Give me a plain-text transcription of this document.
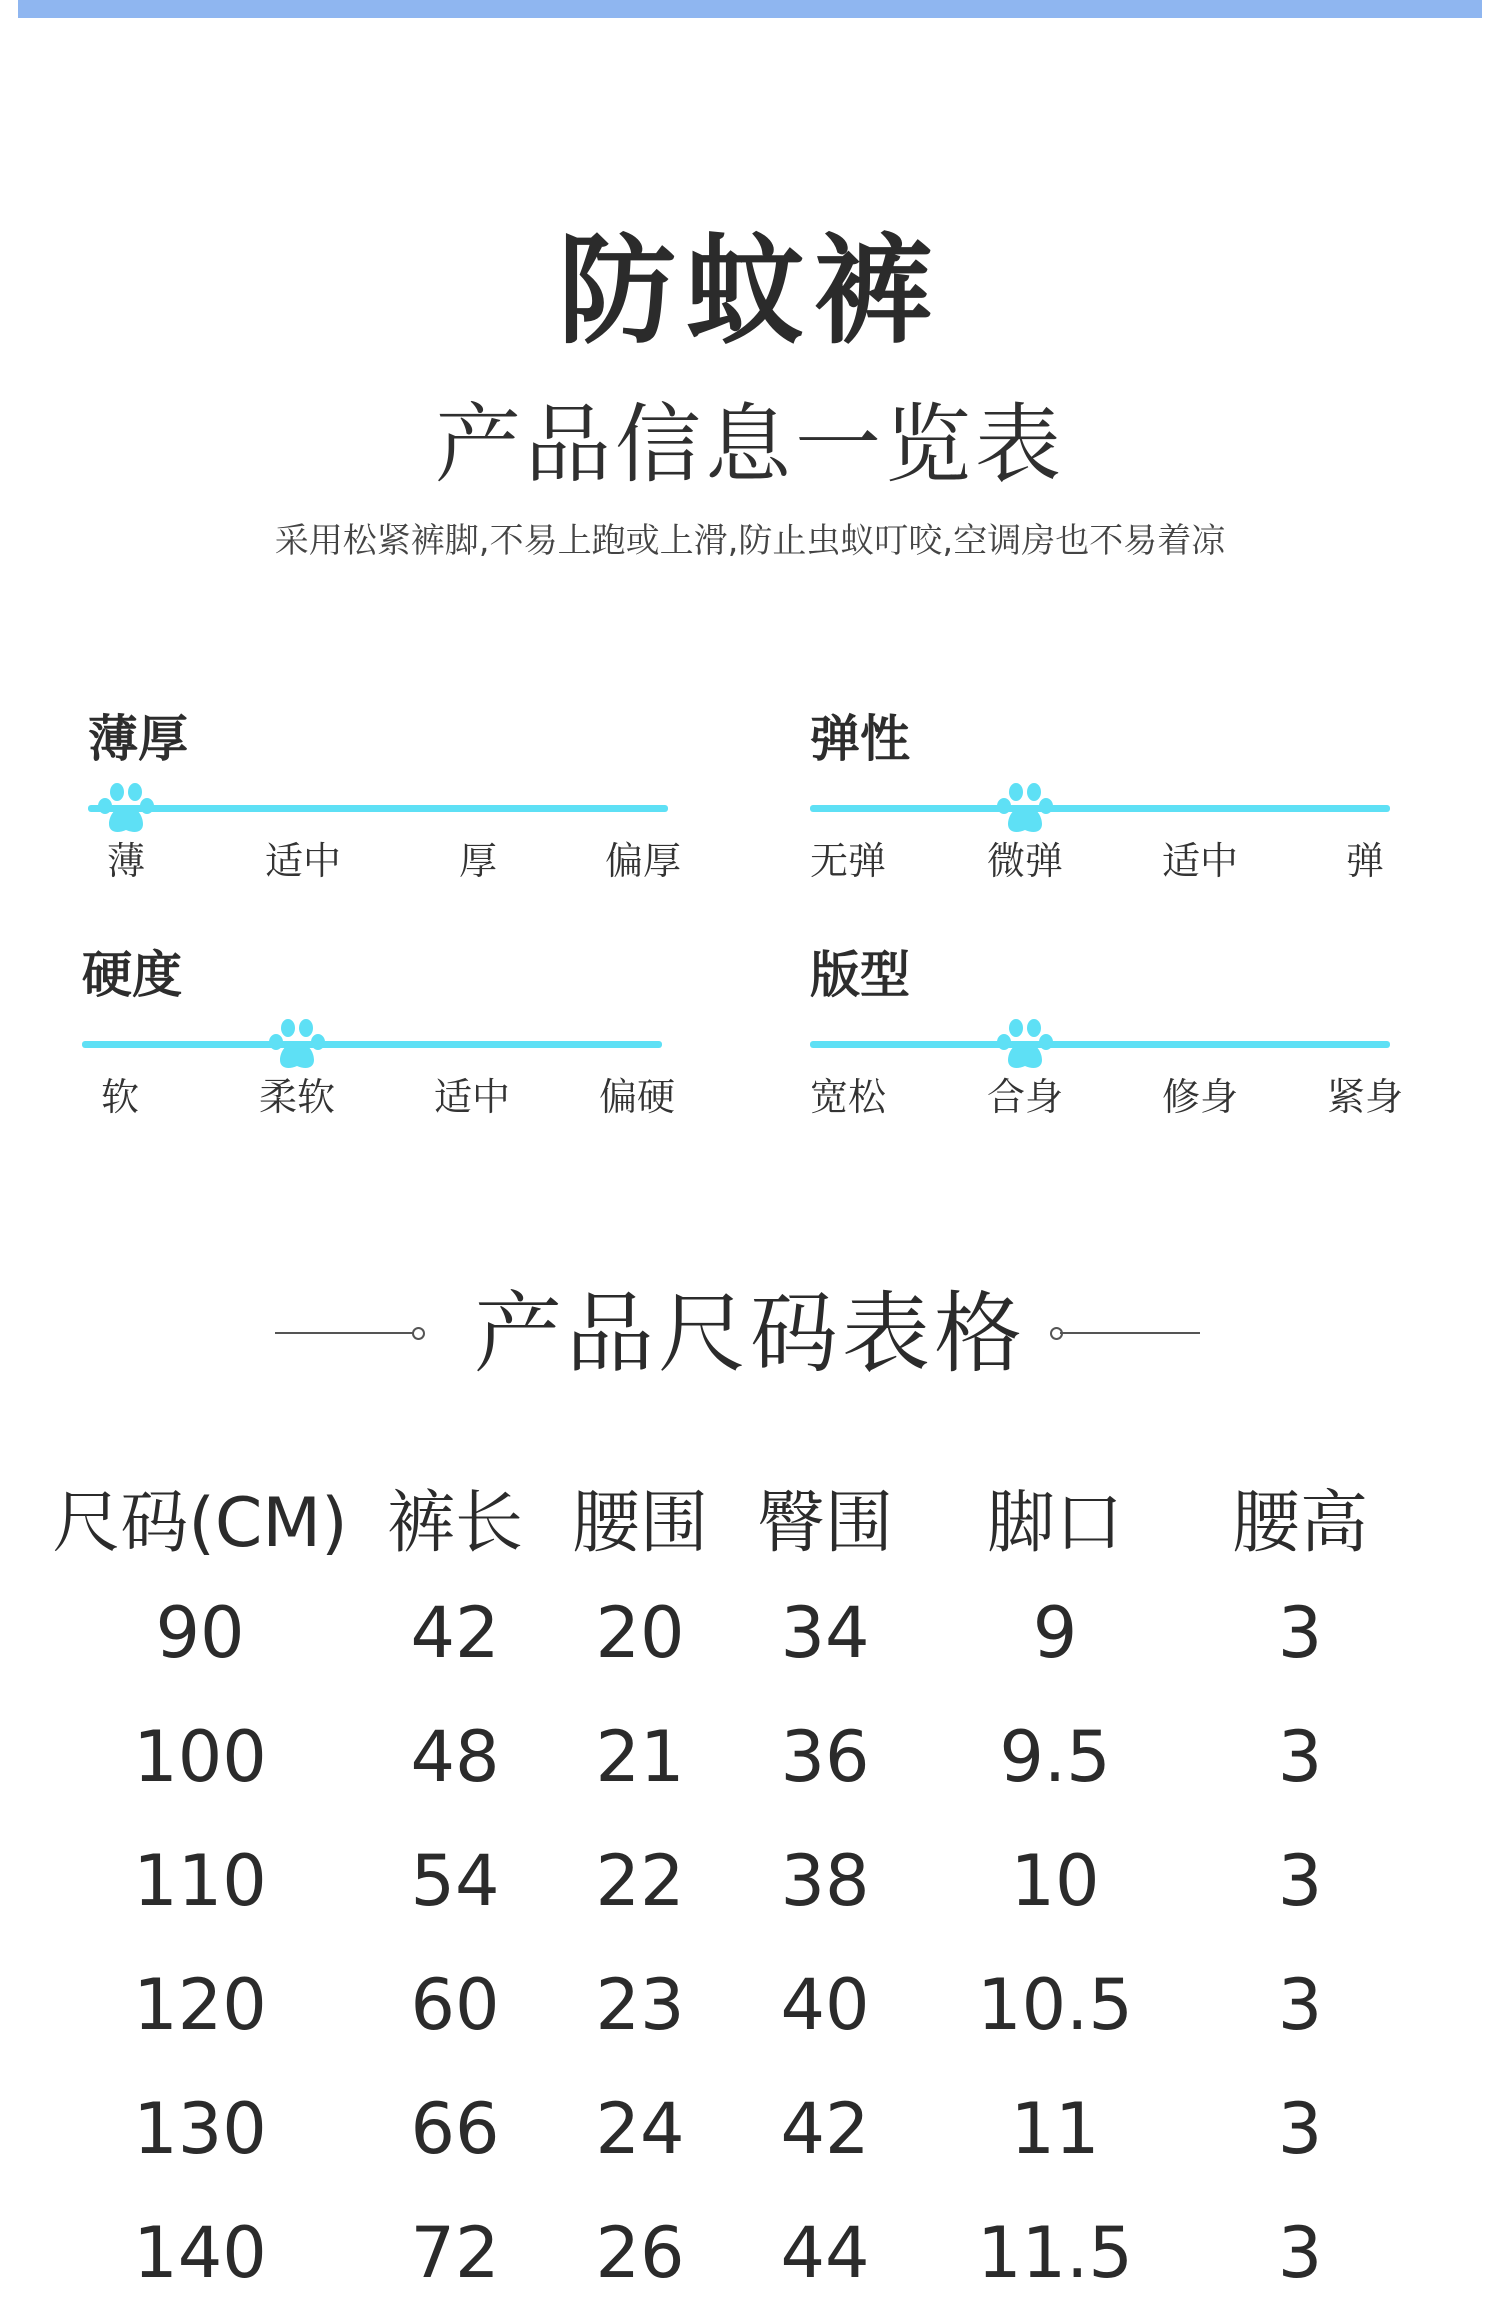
防蚊裤
产品信息一览表
采用松紧裤脚,不易上跑或上滑,防止虫蚁叮咬,空调房也不易着凉
薄厚
薄	适中	厚	偏厚
弹性
无弹	微弹	适中	弹
硬度
软	柔软	适中 偏硬
版型
宽松	合身	修身 紧身
产品尺码表格
尺码(CM) 裤长 腰围 臀围 脚口 腰高
90 42 20 34 9	3
100 48 21 36 9.5 3
110 54 22 38 10	3
120 60 23 40 10.5 3
130 66 24 42 11	3
140 72 26 44 11.5 3
